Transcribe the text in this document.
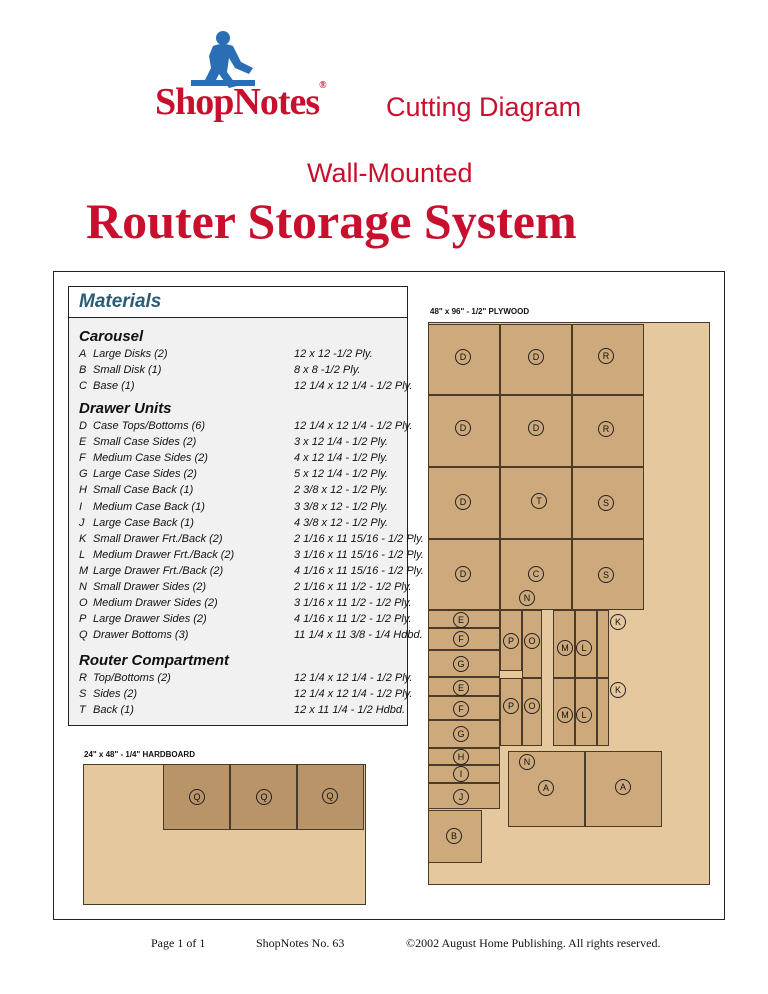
ShopNotes®
Cutting Diagram
Wall-Mounted
Router Storage System
Materials
Carousel
A Large Disks (2)	12 x 12 -1/2 Ply.
B Small Disk (1)	8 x 8 -1/2 Ply.
C Base (1)	12 1/4 x 12 1/4 - 1/2 Ply.
Drawer Units
D Case Tops/Bottoms (6)	12 1/4 x 12 1/4 - 1/2 Ply.
E Small Case Sides (2)	3 x 12 1/4 - 1/2 Ply.
F Medium Case Sides (2)	4 x 12 1/4 - 1/2 Ply.
G Large Case Sides (2)	5 x 12 1/4 - 1/2 Ply.
H Small Case Back (1)	2 3/8 x 12 - 1/2 Ply.
I Medium Case Back (1)	3 3/8 x 12 - 1/2 Ply.
J Large Case Back (1)	4 3/8 x 12 - 1/2 Ply.
K Small Drawer Frt./Back (2)	2 1/16 x 11 15/16 - 1/2 Ply.
L Medium Drawer Frt./Back (2)	3 1/16 x 11 15/16 - 1/2 Ply.
M Large Drawer Frt./Back (2)	4 1/16 x 11 15/16 - 1/2 Ply.
N Small Drawer Sides (2)	2 1/16 x 11 1/2 - 1/2 Ply.
O Medium Drawer Sides (2)	3 1/16 x 11 1/2 - 1/2 Ply.
P Large Drawer Sides (2)	4 1/16 x 11 1/2 - 1/2 Ply.
Q Drawer Bottoms (3)	11 1/4 x 11 3/8 - 1/4 Hdbd.
Router Compartment
R Top/Bottoms (2)	12 1/4 x 12 1/4 - 1/2 Ply.
S Sides (2)	12 1/4 x 12 1/4 - 1/2 Ply.
T Back (1)	12 x 11 1/4 - 1/2 Hdbd.
48" x 96" - 1/2" PLYWOOD
D	D	R
D	D	R
D	T	S
D	C	S
E
F
G
E
F
G
H
I
J
B
N
P	O
M	L
K
P	O
M	L
K
N
A	A
24" x 48" - 1/4" HARDBOARD
Q	Q	Q
Page 1 of 1	ShopNotes No. 63	©2002 August Home Publishing. All rights reserved.
